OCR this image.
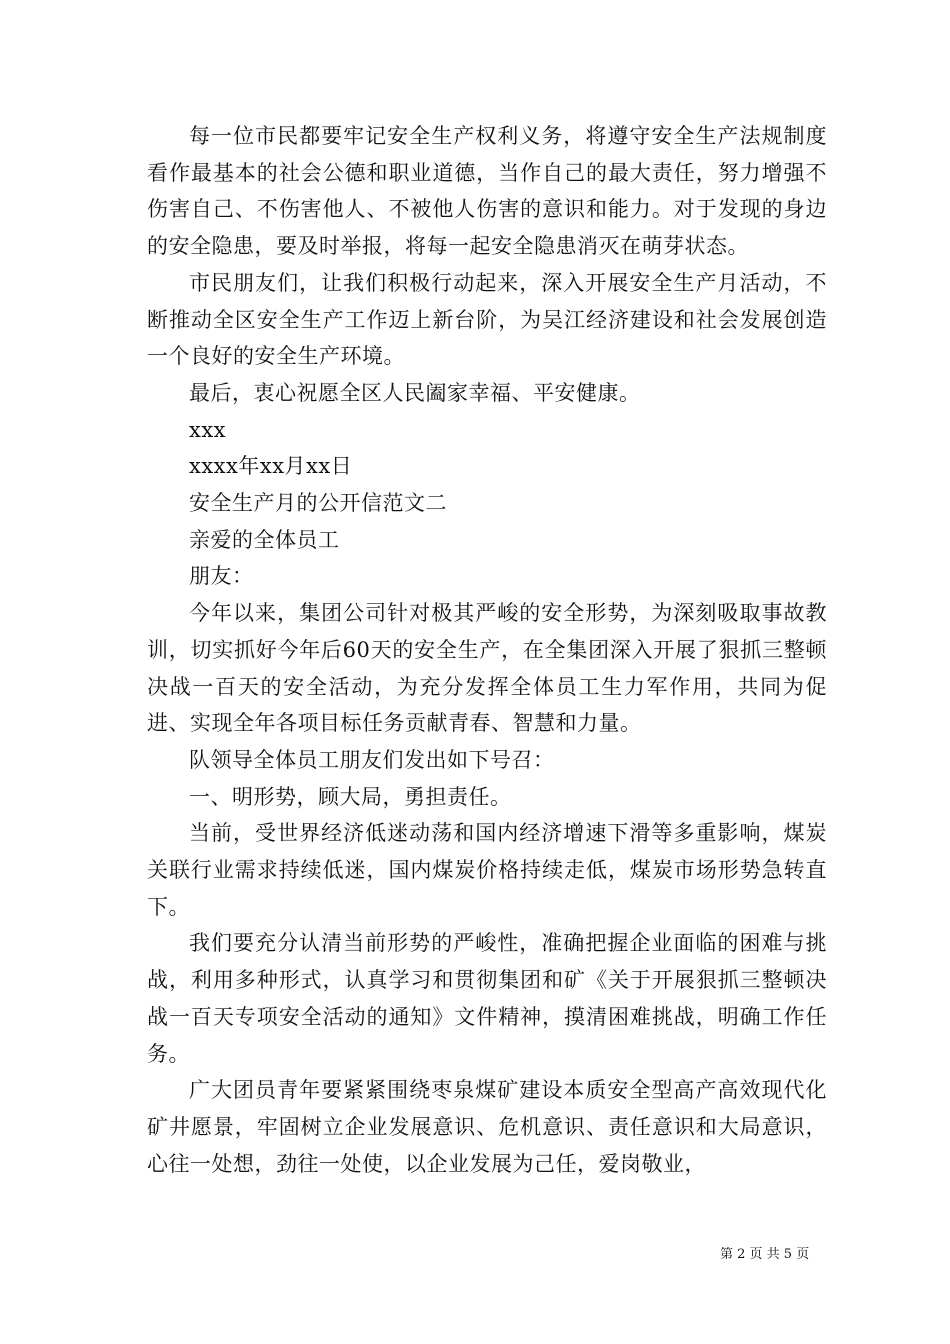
每一位市民都要牢记安全生产权利义务，将遵守安全生产法规制度看作最基本的社会公德和职业道德，当作自己的最大责任，努力增强不伤害自己、不伤害他人、不被他人伤害的意识和能力。对于发现的身边的安全隐患，要及时举报，将每一起安全隐患消灭在萌芽状态。

市民朋友们，让我们积极行动起来，深入开展安全生产月活动，不断推动全区安全生产工作迈上新台阶，为吴江经济建设和社会发展创造一个良好的安全生产环境。

最后，衷心祝愿全区人民阖家幸福、平安健康。

xxx

xxxx年xx月xx日

安全生产月的公开信范文二

亲爱的全体员工

朋友：

今年以来，集团公司针对极其严峻的安全形势，为深刻吸取事故教训，切实抓好今年后60天的安全生产，在全集团深入开展了狠抓三整顿决战一百天的安全活动，为充分发挥全体员工生力军作用，共同为促进、实现全年各项目标任务贡献青春、智慧和力量。

队领导全体员工朋友们发出如下号召：

一、明形势，顾大局，勇担责任。

当前，受世界经济低迷动荡和国内经济增速下滑等多重影响，煤炭关联行业需求持续低迷，国内煤炭价格持续走低，煤炭市场形势急转直下。

我们要充分认清当前形势的严峻性，准确把握企业面临的困难与挑战，利用多种形式，认真学习和贯彻集团和矿《关于开展狠抓三整顿决战一百天专项安全活动的通知》文件精神，摸清困难挑战，明确工作任务。

广大团员青年要紧紧围绕枣泉煤矿建设本质安全型高产高效现代化矿井愿景，牢固树立企业发展意识、危机意识、责任意识和大局意识，心往一处想，劲往一处使，以企业发展为己任，爱岗敬业，

第 2 页 共 5 页
